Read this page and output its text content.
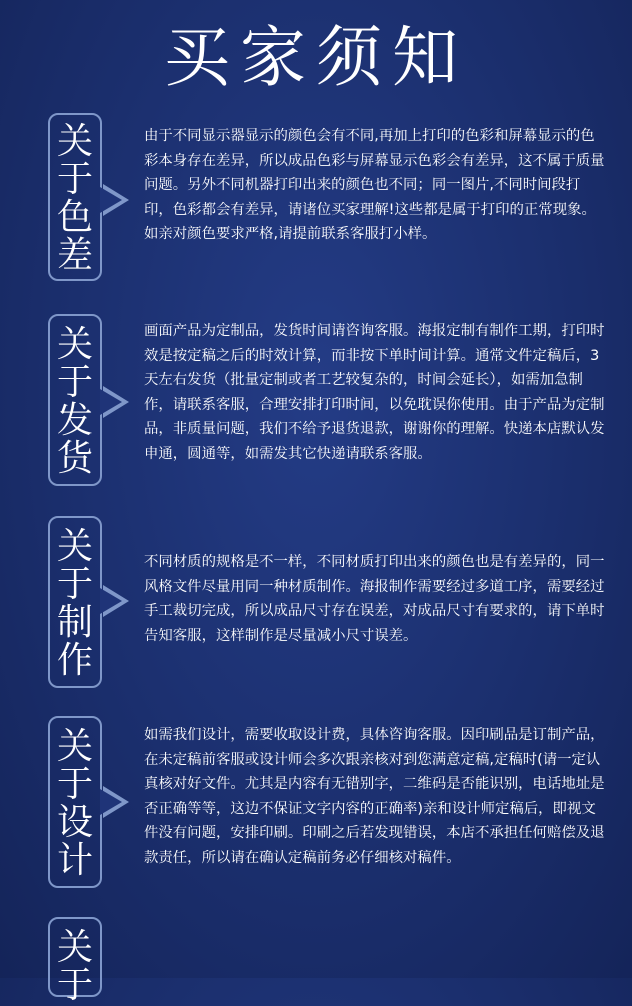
买家须知
关
于
色
差
由于不同显示器显示的颜色会有不同,再加上打印的色彩和屏幕显示的色彩本身存在差异，所以成品色彩与屏幕显示色彩会有差异，这不属于质量问题。另外不同机器打印出来的颜色也不同；同一图片,不同时间段打印，色彩都会有差异，请诸位买家理解!这些都是属于打印的正常现象。如亲对颜色要求严格,请提前联系客服打小样。
关
于
发
货
画面产品为定制品，发货时间请咨询客服。海报定制有制作工期，打印时效是按定稿之后的时效计算，而非按下单时间计算。通常文件定稿后，3天左右发货（批量定制或者工艺较复杂的，时间会延长），如需加急制作，请联系客服，合理安排打印时间，以免耽误你使用。由于产品为定制品，非质量问题，我们不给予退货退款，谢谢你的理解。快递本店默认发申通，圆通等，如需发其它快递请联系客服。
关
于
制
作
不同材质的规格是不一样，不同材质打印出来的颜色也是有差异的，同一风格文件尽量用同一种材质制作。海报制作需要经过多道工序，需要经过手工裁切完成，所以成品尺寸存在误差，对成品尺寸有要求的，请下单时告知客服，这样制作是尽量减小尺寸误差。
关
于
设
计
如需我们设计，需要收取设计费，具体咨询客服。因印刷品是订制产品，在未定稿前客服或设计师会多次跟亲核对到您满意定稿,定稿时(请一定认真核对好文件。尤其是内容有无错别字，二维码是否能识别，电话地址是否正确等等，这边不保证文字内容的正确率)亲和设计师定稿后，即视文件没有问题，安排印刷。印刷之后若发现错误，本店不承担任何赔偿及退款责任，所以请在确认定稿前务必仔细核对稿件。
关
于
